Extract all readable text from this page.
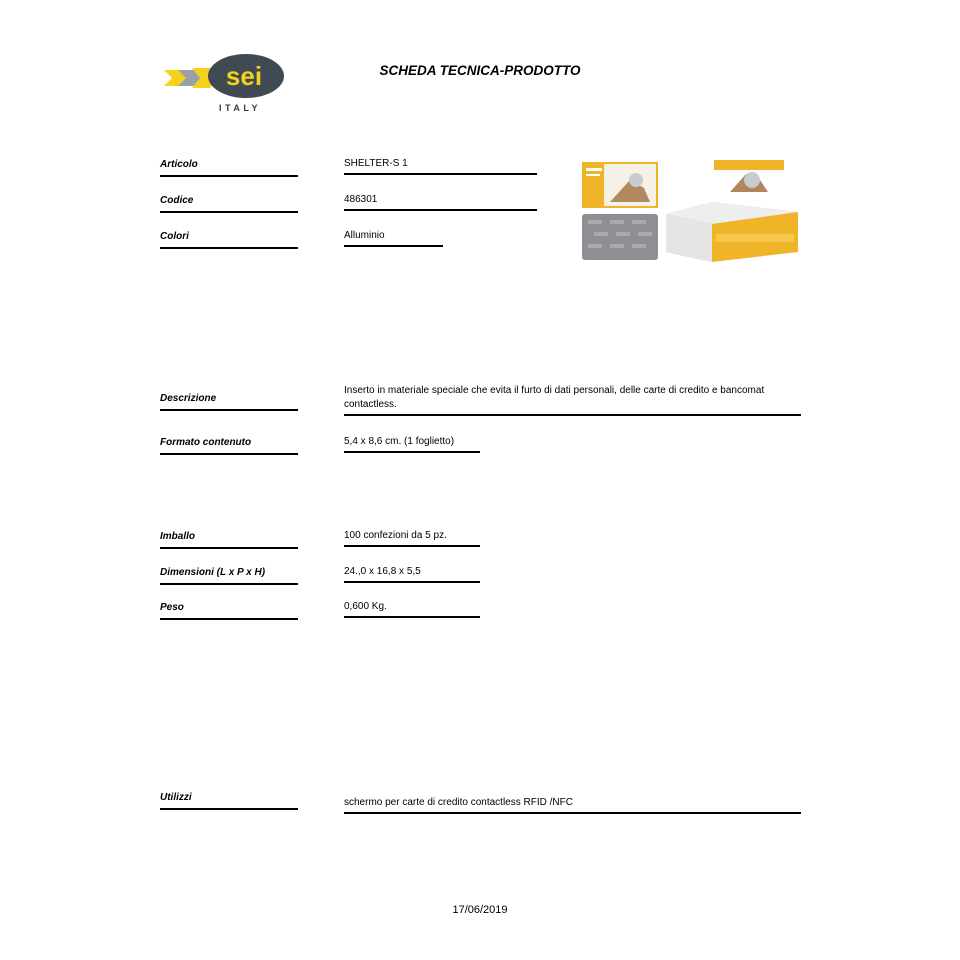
sei
ITALY
SCHEDA TECNICA-PRODOTTO
Articolo	SHELTER-S 1
Codice	486301
Colori	Alluminio
Descrizione
Inserto in materiale speciale che evita il furto di dati personali, delle carte di credito e bancomat contactless.
Formato contenuto	5,4 x 8,6 cm. (1 foglietto)
Imballo	100 confezioni da 5 pz.
Dimensioni (L x P x H)	24.,0 x 16,8 x 5,5
Peso	0,600 Kg.
Utilizzi	schermo per carte di credito contactless RFID /NFC
17/06/2019
